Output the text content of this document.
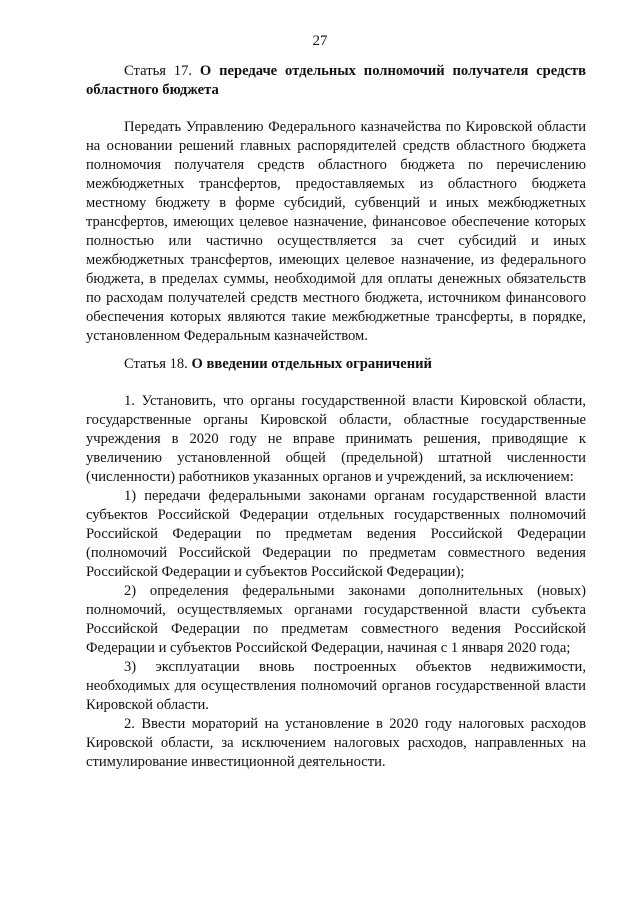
27
Статья 17. О передаче отдельных полномочий получателя средств областного бюджета

Передать Управлению Федерального казначейства по Кировской области на основании решений главных распорядителей средств областного бюджета полномочия получателя средств областного бюджета по перечислению межбюджетных трансфертов, предоставляемых из областного бюджета местному бюджету в форме субсидий, субвенций и иных межбюджетных трансфертов, имеющих целевое назначение, финансовое обеспечение которых полностью или частично осуществляется за счет субсидий и иных межбюджетных трансфертов, имеющих целевое назначение, из федерального бюджета, в пределах суммы, необходимой для оплаты денежных обязательств по расходам получателей средств местного бюджета, источником финансового обеспечения которых являются такие межбюджетные трансферты, в порядке, установленном Федеральным казначейством.

Статья 18. О введении отдельных ограничений

1. Установить, что органы государственной власти Кировской области, государственные органы Кировской области, областные государственные учреждения в 2020 году не вправе принимать решения, приводящие к увеличению установленной общей (предельной) штатной численности (численности) работников указанных органов и учреждений, за исключением:

1) передачи федеральными законами органам государственной власти субъектов Российской Федерации отдельных государственных полномочий Российской Федерации по предметам ведения Российской Федерации (полномочий Российской Федерации по предметам совместного ведения Российской Федерации и субъектов Российской Федерации);

2) определения федеральными законами дополнительных (новых) полномочий, осуществляемых органами государственной власти субъекта Российской Федерации по предметам совместного ведения Российской Федерации и субъектов Российской Федерации, начиная с 1 января 2020 года;

3) эксплуатации вновь построенных объектов недвижимости, необходимых для осуществления полномочий органов государственной власти Кировской области.

2. Ввести мораторий на установление в 2020 году налоговых расходов Кировской области, за исключением налоговых расходов, направленных на стимулирование инвестиционной деятельности.
